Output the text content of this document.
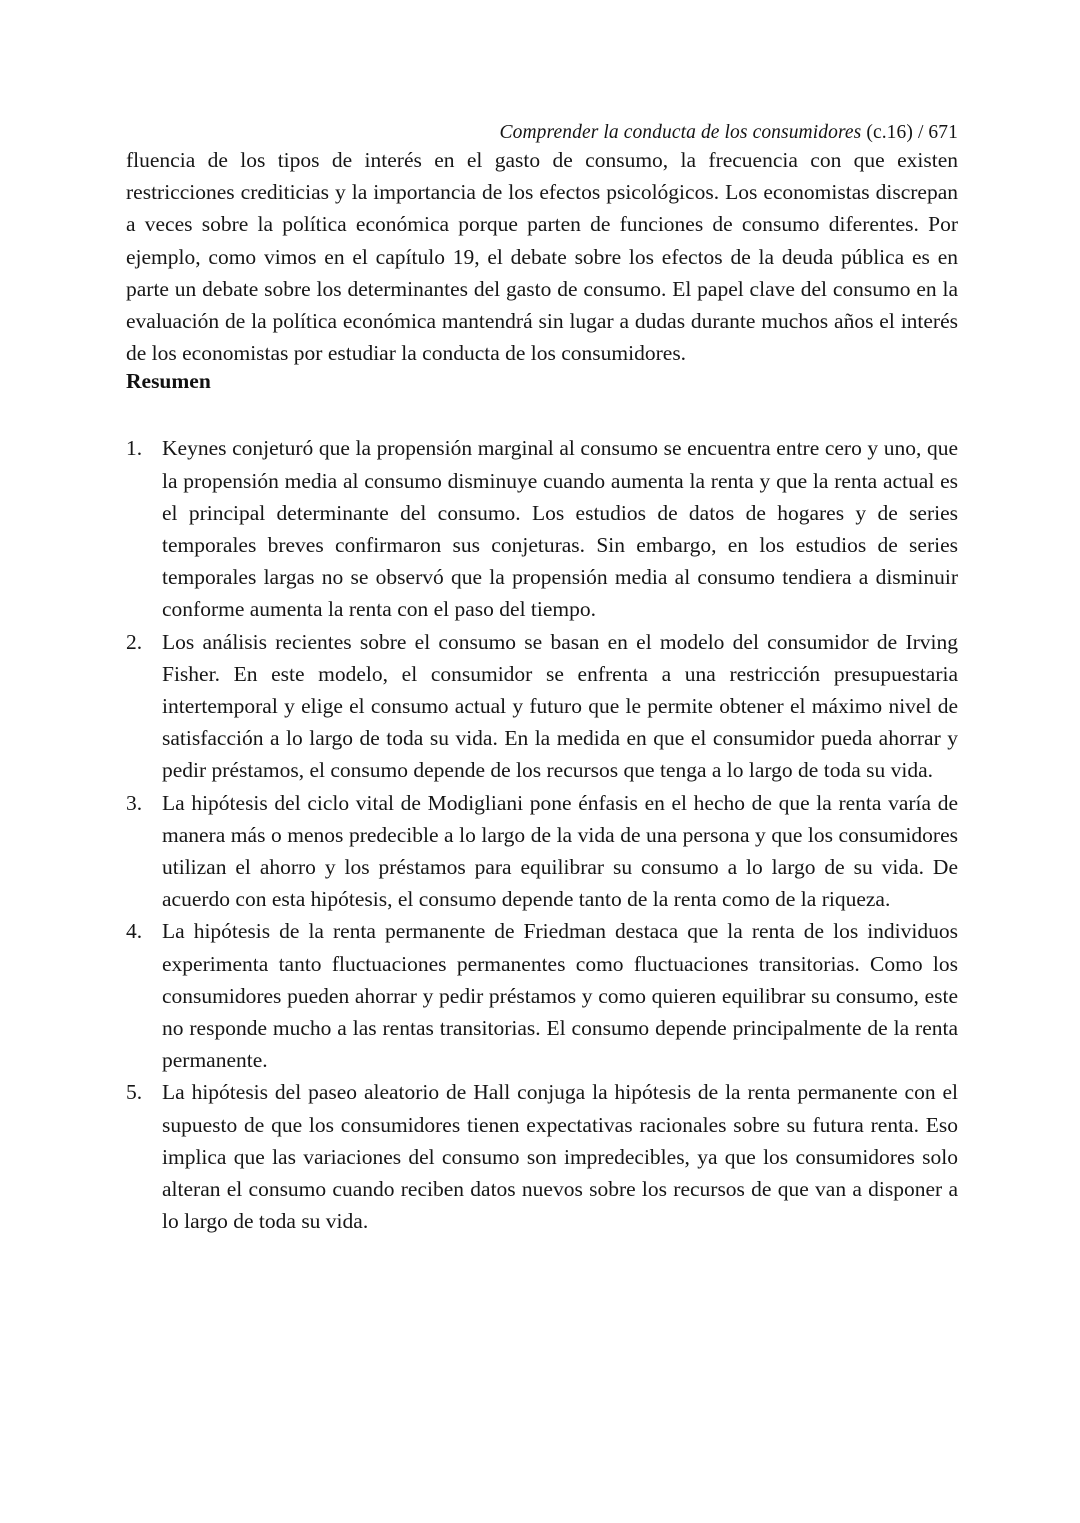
Comprender la conducta de los consumidores (c.16) / 671

fluencia de los tipos de interés en el gasto de consumo, la frecuencia con que existen restricciones crediticias y la importancia de los efectos psicológicos. Los economistas discrepan a veces sobre la política económica porque parten de funciones de consumo diferentes. Por ejemplo, como vimos en el capítulo 19, el debate sobre los efectos de la deuda pública es en parte un debate sobre los determinantes del gasto de consumo. El papel clave del consumo en la evaluación de la política económica mantendrá sin lugar a dudas durante muchos años el interés de los economistas por estudiar la conducta de los consumidores.

Resumen
1. Keynes conjeturó que la propensión marginal al consumo se encuentra entre cero y uno, que la propensión media al consumo disminuye cuando aumenta la renta y que la renta actual es el principal determinante del consumo. Los estudios de datos de hogares y de series temporales breves confirmaron sus conjeturas. Sin embargo, en los estudios de series temporales largas no se observó que la propensión media al consumo tendiera a disminuir conforme aumenta la renta con el paso del tiempo.
2. Los análisis recientes sobre el consumo se basan en el modelo del consumidor de Irving Fisher. En este modelo, el consumidor se enfrenta a una restricción presupuestaria intertemporal y elige el consumo actual y futuro que le permite obtener el máximo nivel de satisfacción a lo largo de toda su vida. En la medida en que el consumidor pueda ahorrar y pedir préstamos, el consumo depende de los recursos que tenga a lo largo de toda su vida.
3. La hipótesis del ciclo vital de Modigliani pone énfasis en el hecho de que la renta varía de manera más o menos predecible a lo largo de la vida de una persona y que los consumidores utilizan el ahorro y los préstamos para equilibrar su consumo a lo largo de su vida. De acuerdo con esta hipótesis, el consumo depende tanto de la renta como de la riqueza.
4. La hipótesis de la renta permanente de Friedman destaca que la renta de los individuos experimenta tanto fluctuaciones permanentes como fluctuaciones transitorias. Como los consumidores pueden ahorrar y pedir préstamos y como quieren equilibrar su consumo, este no responde mucho a las rentas transitorias. El consumo depende principalmente de la renta permanente.
5. La hipótesis del paseo aleatorio de Hall conjuga la hipótesis de la renta permanente con el supuesto de que los consumidores tienen expectativas racionales sobre su futura renta. Eso implica que las variaciones del consumo son impredecibles, ya que los consumidores solo alteran el consumo cuando reciben datos nuevos sobre los recursos de que van a disponer a lo largo de toda su vida.
